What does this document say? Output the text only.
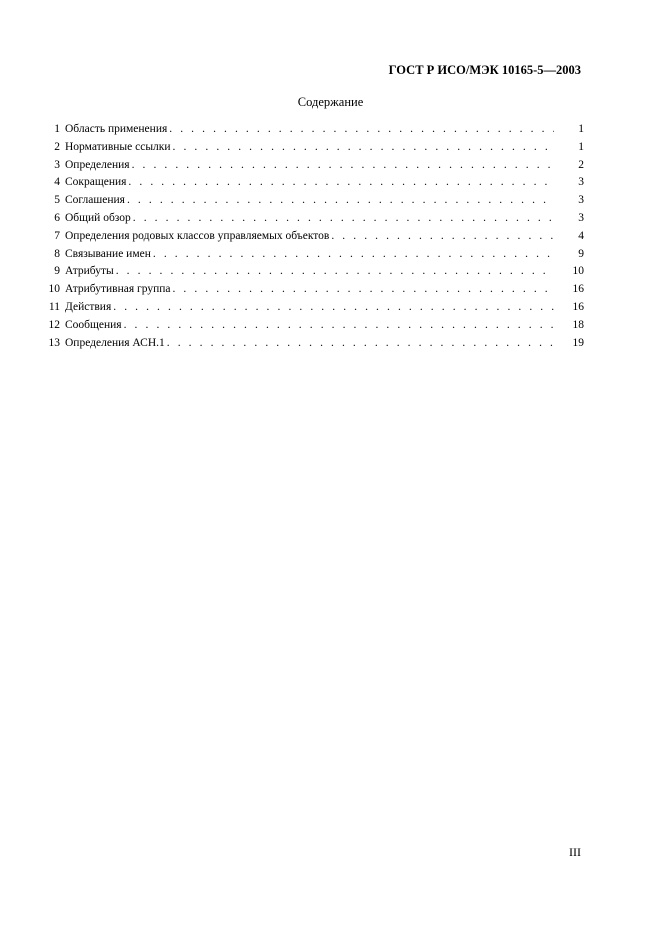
ГОСТ Р ИСО/МЭК 10165-5—2003
Содержание
1 Область применения . . .	1
2 Нормативные ссылки . . .	1
3 Определения . . .	2
4 Сокращения . . .	3
5 Соглашения . . .	3
6 Общий обзор . . .	3
7 Определения родовых классов управляемых объектов . . .	4
8 Связывание имен . . .	9
9 Атрибуты . . .	10
10 Атрибутивная группа . . .	16
11 Действия . . .	16
12 Сообщения . . .	18
13 Определения АСН.1 . . .	19
III
